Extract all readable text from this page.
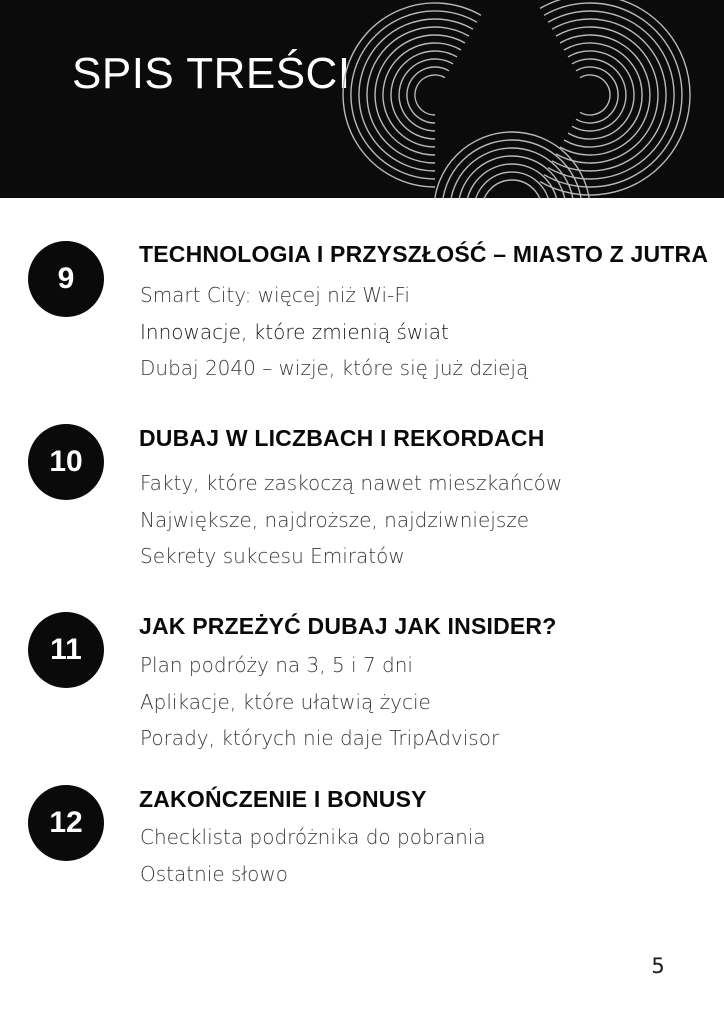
SPIS TREŚCI
9
TECHNOLOGIA I PRZYSZŁOŚĆ – MIASTO Z JUTRA
Smart City: więcej niż Wi-Fi
Innowacje, które zmienią świat
Dubaj 2040 – wizje, które się już dzieją
10
DUBAJ W LICZBACH I REKORDACH
Fakty, które zaskoczą nawet mieszkańców
Największe, najdroższe, najdziwniejsze
Sekrety sukcesu Emiratów
11
JAK PRZEŻYĆ DUBAJ JAK INSIDER?
Plan podróży na 3, 5 i 7 dni
Aplikacje, które ułatwią życie
Porady, których nie daje TripAdvisor
12
ZAKOŃCZENIE I BONUSY
Checklista podróżnika do pobrania
Ostatnie słowo
5
